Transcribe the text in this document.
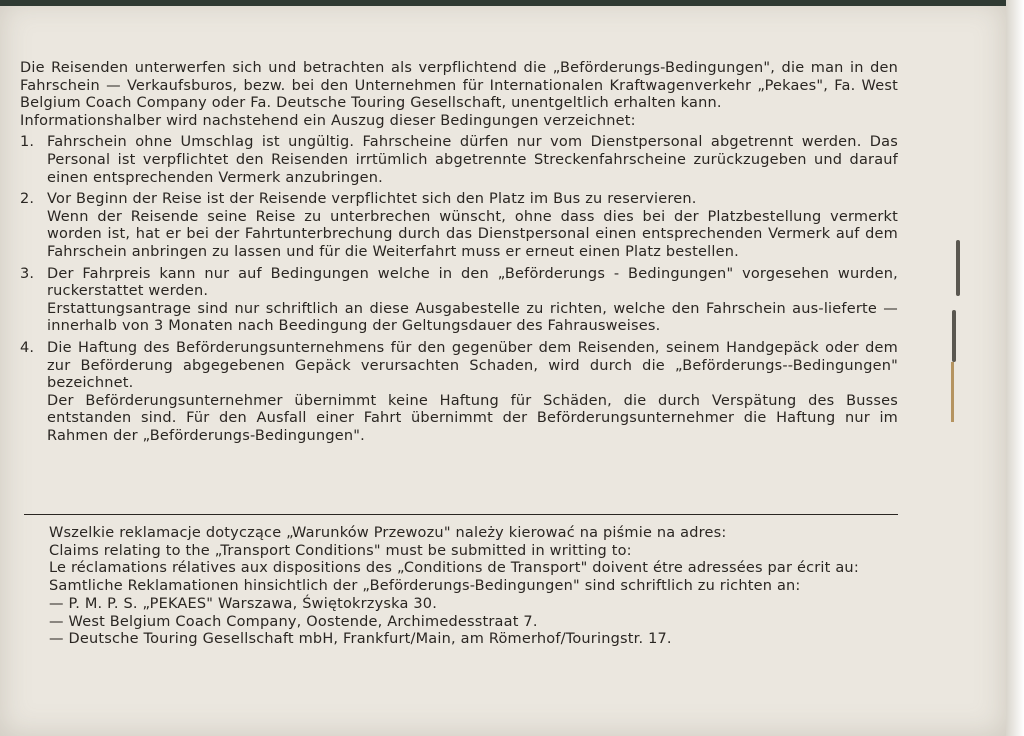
Die Reisenden unterwerfen sich und betrachten als verpflichtend die „Beförderungs-Bedingungen", die man in den Fahrschein — Verkaufsburos, bezw. bei den Unternehmen für Internationalen Kraftwagenverkehr „Pekaes", Fa. West Belgium Coach Company oder Fa. Deutsche Touring Gesellschaft, unentgeltlich erhalten kann.

Informationshalber wird nachstehend ein Auszug dieser Bedingungen verzeichnet:

1. Fahrschein ohne Umschlag ist ungültig. Fahrscheine dürfen nur vom Dienstpersonal abgetrennt werden. Das Personal ist verpflichtet den Reisenden irrtümlich abgetrennte Streckenfahrscheine zurückzugeben und darauf einen entsprechenden Vermerk anzubringen.

2. Vor Beginn der Reise ist der Reisende verpflichtet sich den Platz im Bus zu reservieren.

Wenn der Reisende seine Reise zu unterbrechen wünscht, ohne dass dies bei der Platzbestellung vermerkt worden ist, hat er bei der Fahrtunterbrechung durch das Dienstpersonal einen entsprechenden Vermerk auf dem Fahrschein anbringen zu lassen und für die Weiterfahrt muss er erneut einen Platz bestellen.

3. Der Fahrpreis kann nur auf Bedingungen welche in den „Beförderungs - Bedingungen" vorgesehen wurden, ruckerstattet werden.

Erstattungsantrage sind nur schriftlich an diese Ausgabestelle zu richten, welche den Fahrschein aus-lieferte — innerhalb von 3 Monaten nach Beedingung der Geltungsdauer des Fahrausweises.

4. Die Haftung des Beförderungsunternehmens für den gegenüber dem Reisenden, seinem Handgepäck oder dem zur Beförderung abgegebenen Gepäck verursachten Schaden, wird durch die „Beförderungs--Bedingungen" bezeichnet.

Der Beförderungsunternehmer übernimmt keine Haftung für Schäden, die durch Verspätung des Busses entstanden sind. Für den Ausfall einer Fahrt übernimmt der Beförderungsunternehmer die Haftung nur im Rahmen der „Beförderungs-Bedingungen".

Wszelkie reklamacje dotyczące „Warunków Przewozu" należy kierować na piśmie na adres:

Claims relating to the „Transport Conditions" must be submitted in writting to:

Le réclamations rélatives aux dispositions des „Conditions de Transport" doivent étre adressées par écrit au:

Samtliche Reklamationen hinsichtlich der „Beförderungs-Bedingungen" sind schriftlich zu richten an:

— P. M. P. S. „PEKAES" Warszawa, Świętokrzyska 30.

— West Belgium Coach Company, Oostende, Archimedesstraat 7.

— Deutsche Touring Gesellschaft mbH, Frankfurt/Main, am Römerhof/Touringstr. 17.
